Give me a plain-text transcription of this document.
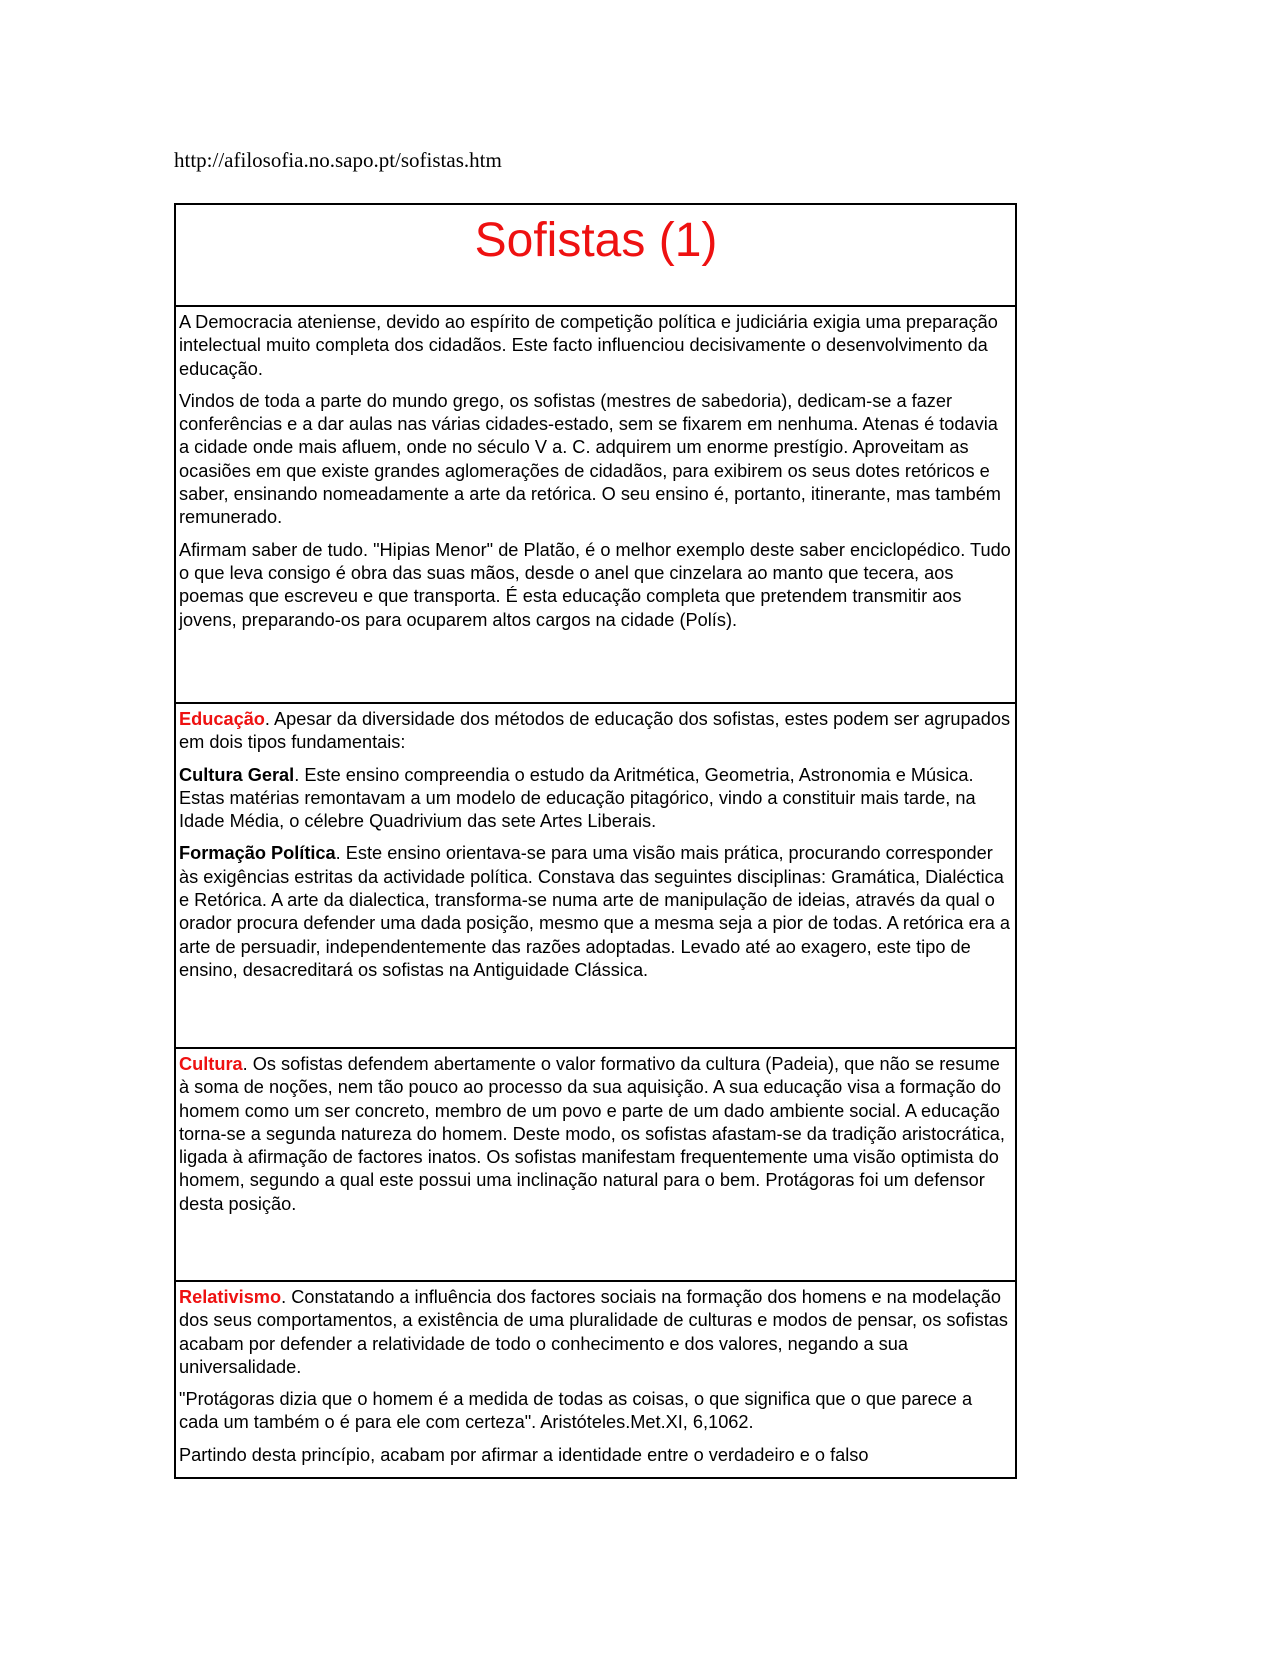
http://afilosofia.no.sapo.pt/sofistas.htm
Sofistas (1)

A Democracia ateniense, devido ao espírito de competição política e judiciária exigia uma preparação intelectual muito completa dos cidadãos. Este facto influenciou decisivamente o desenvolvimento da educação.

Vindos de toda a parte do mundo grego, os sofistas (mestres de sabedoria), dedicam-se a fazer conferências e a dar aulas nas várias cidades-estado, sem se fixarem em nenhuma. Atenas é todavia a cidade onde mais afluem, onde no século V a. C. adquirem um enorme prestígio. Aproveitam as ocasiões em que existe grandes aglomerações de cidadãos, para exibirem os seus dotes retóricos e saber, ensinando nomeadamente a arte da retórica. O seu ensino é, portanto, itinerante, mas também remunerado.

Afirmam saber de tudo. "Hipias Menor" de Platão, é o melhor exemplo deste saber enciclopédico. Tudo o que leva consigo é obra das suas mãos, desde o anel que cinzelara ao manto que tecera, aos poemas que escreveu e que transporta. É esta educação completa que pretendem transmitir aos jovens, preparando-os para ocuparem altos cargos na cidade (Polís).

Educação. Apesar da diversidade dos métodos de educação dos sofistas, estes podem ser agrupados em dois tipos fundamentais:

Cultura Geral. Este ensino compreendia o estudo da Aritmética, Geometria, Astronomia e Música. Estas matérias remontavam a um modelo de educação pitagórico, vindo a constituir mais tarde, na Idade Média, o célebre Quadrivium das sete Artes Liberais.

Formação Política. Este ensino orientava-se para uma visão mais prática, procurando corresponder às exigências estritas da actividade política. Constava das seguintes disciplinas: Gramática, Dialéctica e Retórica. A arte da dialectica, transforma-se numa arte de manipulação de ideias, através da qual o orador procura defender uma dada posição, mesmo que a mesma seja a pior de todas. A retórica era a arte de persuadir, independentemente das razões adoptadas. Levado até ao exagero, este tipo de ensino, desacreditará os sofistas na Antiguidade Clássica.

Cultura. Os sofistas defendem abertamente o valor formativo da cultura (Padeia), que não se resume à soma de noções, nem tão pouco ao processo da sua aquisição. A sua educação visa a formação do homem como um ser concreto, membro de um povo e parte de um dado ambiente social. A educação torna-se a segunda natureza do homem. Deste modo, os sofistas afastam-se da tradição aristocrática, ligada à afirmação de factores inatos. Os sofistas manifestam frequentemente uma visão optimista do homem, segundo a qual este possui uma inclinação natural para o bem. Protágoras foi um defensor desta posição.

Relativismo. Constatando a influência dos factores sociais na formação dos homens e na modelação dos seus comportamentos, a existência de uma pluralidade de culturas e modos de pensar, os sofistas acabam por defender a relatividade de todo o conhecimento e dos valores, negando a sua universalidade.

"Protágoras dizia que o homem é a medida de todas as coisas, o que significa que o que parece a cada um também o é para ele com certeza". Aristóteles.Met.XI, 6,1062.

Partindo desta princípio, acabam por afirmar a identidade entre o verdadeiro e o falso
